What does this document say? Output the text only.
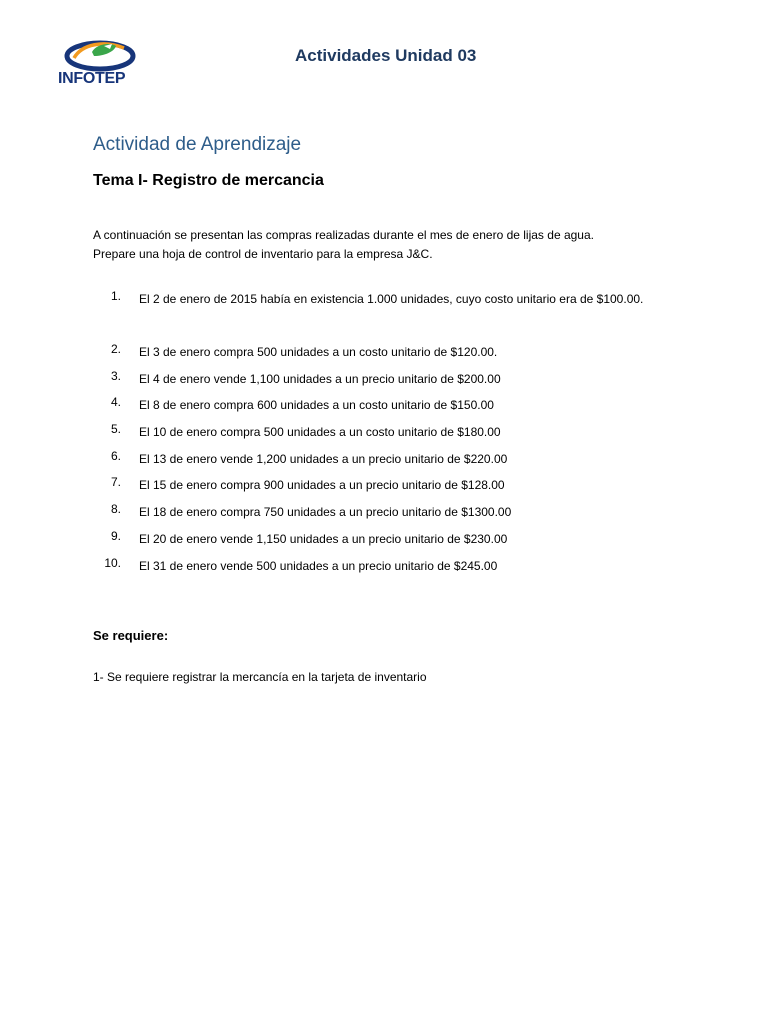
INFOTEP
Actividades Unidad 03
Actividad de Aprendizaje
Tema I- Registro de mercancia

A continuación se presentan las compras realizadas durante el mes de enero de lijas de agua.

Prepare una hoja de control de inventario para la empresa J&C.

1. El 2 de enero de 2015 había en existencia 1.000 unidades, cuyo costo unitario era de $100.00.
2. El 3 de enero compra 500 unidades a un costo unitario de $120.00.
3. El 4 de enero vende 1,100 unidades a un precio unitario de $200.00
4. El 8 de enero compra 600 unidades a un costo unitario de $150.00
5. El 10 de enero compra 500 unidades a un costo unitario de $180.00
6. El 13 de enero vende 1,200 unidades a un precio unitario de $220.00
7. El 15 de enero compra 900 unidades a un precio unitario de $128.00
8. El 18 de enero compra 750 unidades a un precio unitario de $1300.00
9. El 20 de enero vende 1,150 unidades a un precio unitario de $230.00
10. El 31 de enero vende 500 unidades a un precio unitario de $245.00
Se requiere:
1- Se requiere registrar la mercancía en la tarjeta de inventario
